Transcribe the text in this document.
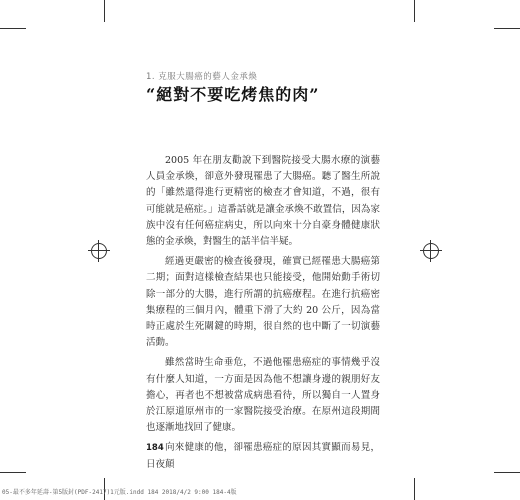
1. 克服大腸癌的藝人金承煥
“絕對不要吃烤焦的肉”

2005 年在朋友勸說下到醫院接受大腸水療的演藝人員金承煥，卻意外發現罹患了大腸癌。聽了醫生所說的「雖然還得進行更精密的檢查才會知道，不過，很有可能就是癌症。」這番話就是讓金承煥不敢置信，因為家族中沒有任何癌症病史，所以向來十分自豪身體健康狀態的金承煥，對醫生的話半信半疑。

經過更嚴密的檢查後發現，確實已經罹患大腸癌第二期；面對這樣檢查結果也只能接受，他開始動手術切除一部分的大腸，進行所謂的抗癌療程。在進行抗癌密集療程的三個月內，體重下滑了大約 20 公斤，因為當時正處於生死關鍵的時期，很自然的也中斷了一切演藝活動。

雖然當時生命垂危，不過他罹患癌症的事情幾乎沒有什麼人知道，一方面是因為他不想讓身邊的親朋好友擔心，再者也不想被當成病患看待，所以獨自一人置身於江原道原州市的一家醫院接受治療。在原州這段期間也逐漸地找回了健康。

向來健康的他，卻罹患癌症的原因其實顯而易見，日夜顛

184
05-最不多年延壽-第5版封(PDF-2417)1元版.indd 184 2018/4/2 9:00 184-4版
